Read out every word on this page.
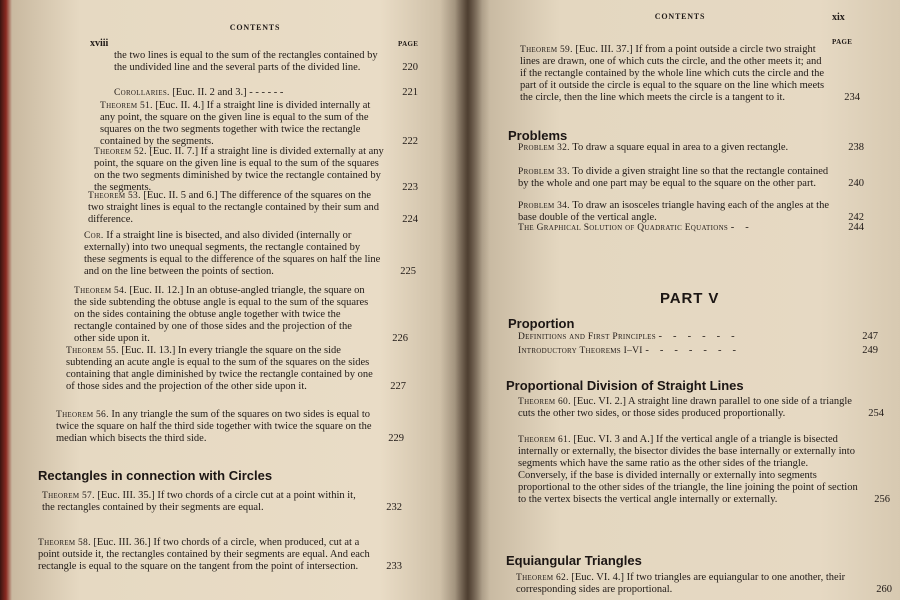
xviii
CONTENTS
PAGE
the two lines is equal to the sum of the rectangles contained by the undivided line and the several parts of the divided line.	220
Corollaries. [Euc. II. 2 and 3.] - - - - - -	221
Theorem 51. [Euc. II. 4.] If a straight line is divided internally at any point, the square on the given line is equal to the sum of the squares on the two segments together with twice the rectangle contained by the segments.	222
Theorem 52. [Euc. II. 7.] If a straight line is divided externally at any point, the square on the given line is equal to the sum of the squares on the two segments diminished by twice the rectangle contained by the segments.	223
Theorem 53. [Euc. II. 5 and 6.] The difference of the squares on the two straight lines is equal to the rectangle contained by their sum and difference.	224
Cor. If a straight line is bisected, and also divided (internally or externally) into two unequal segments, the rectangle contained by these segments is equal to the difference of the squares on half the line and on the line between the points of section.	225
Theorem 54. [Euc. II. 12.] In an obtuse-angled triangle, the square on the side subtending the obtuse angle is equal to the sum of the squares on the sides containing the obtuse angle together with twice the rectangle contained by one of those sides and the projection of the other side upon it.	226
Theorem 55. [Euc. II. 13.] In every triangle the square on the side subtending an acute angle is equal to the sum of the squares on the sides containing that angle diminished by twice the rectangle contained by one of those sides and the projection of the other side upon it.	227
Theorem 56. In any triangle the sum of the squares on two sides is equal to twice the square on half the third side together with twice the square on the median which bisects the third side.	229
Rectangles in connection with Circles
Theorem 57. [Euc. III. 35.] If two chords of a circle cut at a point within it, the rectangles contained by their segments are equal.	232
Theorem 58. [Euc. III. 36.] If two chords of a circle, when produced, cut at a point outside it, the rectangles contained by their segments are equal. And each rectangle is equal to the square on the tangent from the point of intersection.	233
CONTENTS	xix
PAGE
Theorem 59. [Euc. III. 37.] If from a point outside a circle two straight lines are drawn, one of which cuts the circle, and the other meets it; and if the rectangle contained by the whole line which cuts the circle and the part of it outside the circle is equal to the square on the line which meets the circle, then the line which meets the circle is a tangent to it.	234
Problems
Problem 32. To draw a square equal in area to a given rectangle.	238
Problem 33. To divide a given straight line so that the rectangle contained by the whole and one part may be equal to the square on the other part.	240
Problem 34. To draw an isosceles triangle having each of the angles at the base double of the vertical angle.	242
The Graphical Solution of Quadratic Equations - -	244
PART V
Proportion
Definitions and First Principles - - - - - -	247
Introductory Theorems I–VI - - - - - - -	249
Proportional Division of Straight Lines
Theorem 60. [Euc. VI. 2.] A straight line drawn parallel to one side of a triangle cuts the other two sides, or those sides produced proportionally.	254
Theorem 61. [Euc. VI. 3 and A.] If the vertical angle of a triangle is bisected internally or externally, the bisector divides the base internally or externally into segments which have the same ratio as the other sides of the triangle. Conversely, if the base is divided internally or externally into segments proportional to the other sides of the triangle, the line joining the point of section to the vertex bisects the vertical angle internally or externally.	256
Equiangular Triangles
Theorem 62. [Euc. VI. 4.] If two triangles are equiangular to one another, their corresponding sides are proportional.	260
